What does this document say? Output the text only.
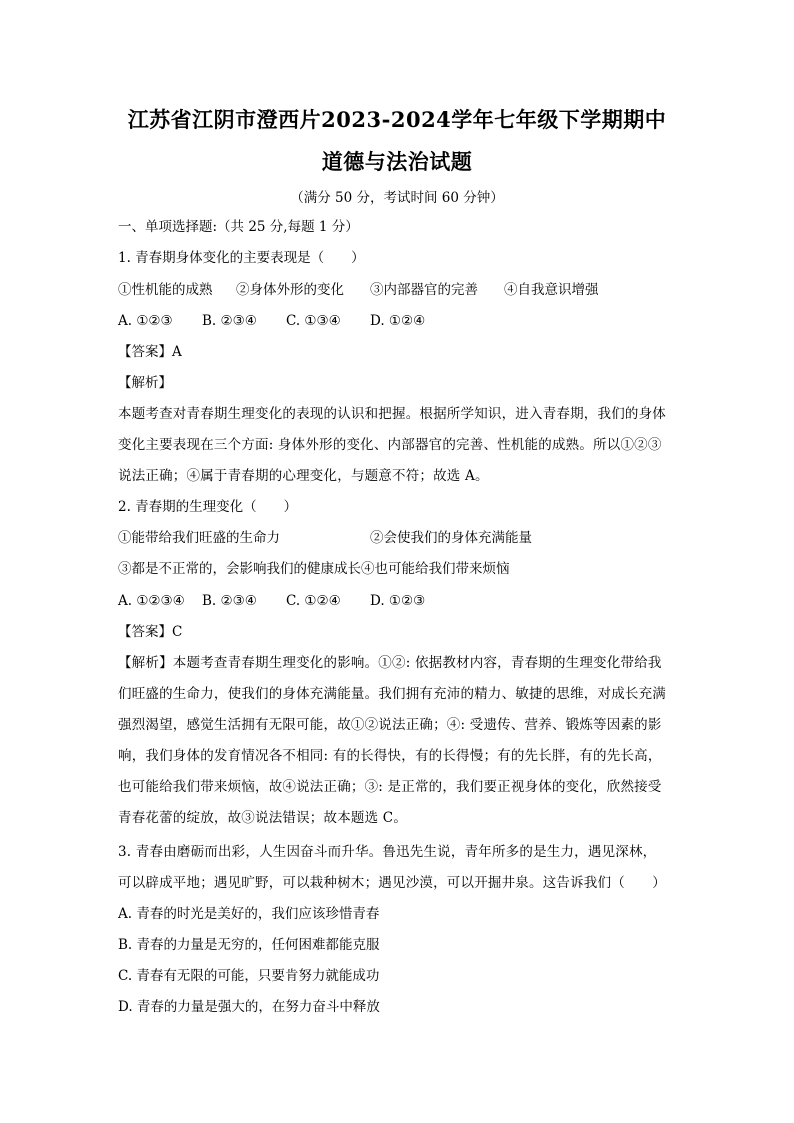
江苏省江阴市澄西片2023-2024学年七年级下学期期中
道德与法治试题
（满分 50 分，考试时间 60 分钟）
一、单项选择题:（共 25 分,每题 1 分）
1. 青春期身体变化的主要表现是（　　）
①性机能的成熟 ②身体外形的变化 ③内部器官的完善 ④自我意识增强
A. ①②③ B. ②③④ C. ①③④ D. ①②④
【答案】A
【解析】
本题考查对青春期生理变化的表现的认识和把握。根据所学知识，进入青春期，我们的身体
变化主要表现在三个方面: 身体外形的变化、内部器官的完善、性机能的成熟。所以①②③
说法正确；④属于青春期的心理变化，与题意不符；故选 A。
2. 青春期的生理变化（　　）
①能带给我们旺盛的生命力	②会使我们的身体充满能量
③都是不正常的，会影响我们的健康成长④也可能给我们带来烦恼
A. ①②③④ B. ②③④ C. ①②④ D. ①②③
【答案】C
【解析】本题考查青春期生理变化的影响。①②: 依据教材内容，青春期的生理变化带给我
们旺盛的生命力，使我们的身体充满能量。我们拥有充沛的精力、敏捷的思维，对成长充满
强烈渴望，感觉生活拥有无限可能，故①②说法正确；④: 受遗传、营养、锻炼等因素的影
响，我们身体的发育情况各不相同: 有的长得快，有的长得慢；有的先长胖，有的先长高，
也可能给我们带来烦恼，故④说法正确；③: 是正常的，我们要正视身体的变化，欣然接受
青春花蕾的绽放，故③说法错误；故本题选 C。
3. 青春由磨砺而出彩，人生因奋斗而升华。鲁迅先生说，青年所多的是生力，遇见深林，
可以辟成平地；遇见旷野，可以栽种树木；遇见沙漠，可以开掘井泉。这告诉我们（　　）
A. 青春的时光是美好的，我们应该珍惜青春
B. 青春的力量是无穷的，任何困难都能克服
C. 青春有无限的可能，只要肯努力就能成功
D. 青春的力量是强大的，在努力奋斗中释放
